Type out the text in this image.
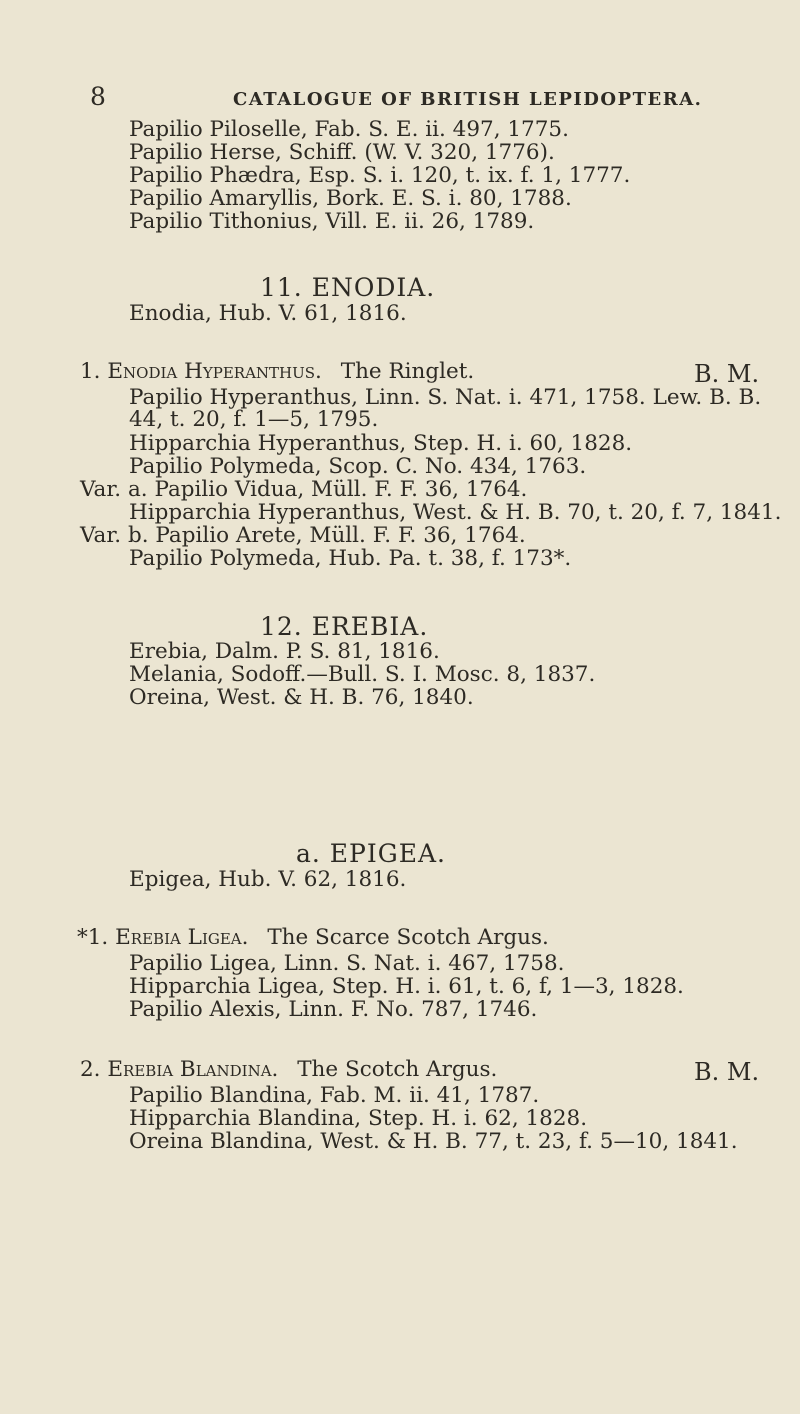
8	CATALOGUE OF BRITISH LEPIDOPTERA.
Papilio Piloselle, Fab. S. E. ii. 497, 1775.
Papilio Herse, Schiff. (W. V. 320, 1776).
Papilio Phædra, Esp. S. i. 120, t. ix. f. 1, 1777.
Papilio Amaryllis, Bork. E. S. i. 80, 1788.
Papilio Tithonius, Vill. E. ii. 26, 1789.
11. ENODIA.
Enodia, Hub. V. 61, 1816.
1. Enodia Hyperanthus. The Ringlet.	B. M.
Papilio Hyperanthus, Linn. S. Nat. i. 471, 1758. Lew. B. B.
44, t. 20, f. 1—5, 1795.
Hipparchia Hyperanthus, Step. H. i. 60, 1828.
Papilio Polymeda, Scop. C. No. 434, 1763.
Var. a. Papilio Vidua, Müll. F. F. 36, 1764.
Hipparchia Hyperanthus, West. & H. B. 70, t. 20, f. 7, 1841.
Var. b. Papilio Arete, Müll. F. F. 36, 1764.
Papilio Polymeda, Hub. Pa. t. 38, f. 173*.
12. EREBIA.
Erebia, Dalm. P. S. 81, 1816.
Melania, Sodoff.—Bull. S. I. Mosc. 8, 1837.
Oreina, West. & H. B. 76, 1840.
a. EPIGEA.
Epigea, Hub. V. 62, 1816.
*1. Erebia Ligea. The Scarce Scotch Argus.
Papilio Ligea, Linn. S. Nat. i. 467, 1758.
Hipparchia Ligea, Step. H. i. 61, t. 6, f, 1—3, 1828.
Papilio Alexis, Linn. F. No. 787, 1746.
2. Erebia Blandina. The Scotch Argus.	B. M.
Papilio Blandina, Fab. M. ii. 41, 1787.
Hipparchia Blandina, Step. H. i. 62, 1828.
Oreina Blandina, West. & H. B. 77, t. 23, f. 5—10, 1841.
